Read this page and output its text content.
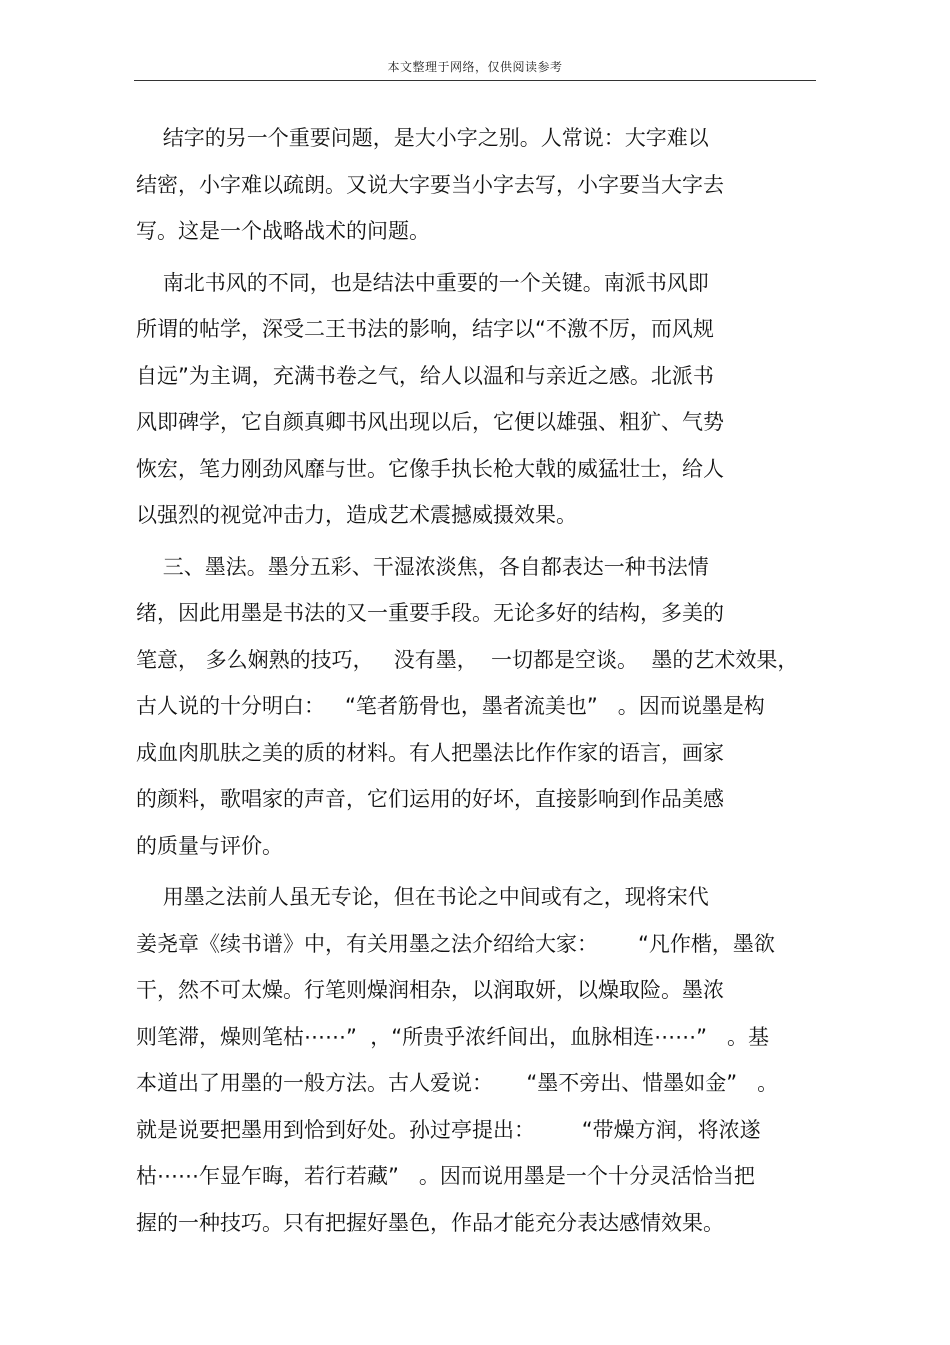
本文整理于网络，仅供阅读参考
结字的另一个重要问题，是大小字之别。人常说：大字难以
结密，小字难以疏朗。又说大字要当小字去写，小字要当大字去
写。这是一个战略战术的问题。
南北书风的不同，也是结法中重要的一个关键。南派书风即
所谓的帖学，深受二王书法的影响，结字以“不激不厉，而风规
自远”为主调，充满书卷之气，给人以温和与亲近之感。北派书
风即碑学，它自颜真卿书风出现以后，它便以雄强、粗犷、气势
恢宏，笔力刚劲风靡与世。它像手执长枪大戟的威猛壮士，给人
以强烈的视觉冲击力，造成艺术震撼威摄效果。
三、墨法。墨分五彩、干湿浓淡焦，各自都表达一种书法情
绪，因此用墨是书法的又一重要手段。无论多好的结构，多美的
笔意， 多么娴熟的技巧，   没有墨，  一切都是空谈。  墨的艺术效果，
古人说的十分明白：   “笔者筋骨也，墨者流美也”   。因而说墨是构
成血肉肌肤之美的质的材料。有人把墨法比作作家的语言，画家
的颜料，歌唱家的声音，它们运用的好坏，直接影响到作品美感
的质量与评价。
用墨之法前人虽无专论，但在书论之中间或有之，现将宋代
姜尧章《续书谱》中，有关用墨之法介绍给大家：      “凡作楷，墨欲
干，然不可太燥。行笔则燥润相杂，以润取妍，以燥取险。墨浓
则笔滞，燥则笔枯⋯⋯”  ，“所贵乎浓纤间出，血脉相连⋯⋯”   。基
本道出了用墨的一般方法。古人爱说：     “墨不旁出、惜墨如金”   。
就是说要把墨用到恰到好处。孙过亭提出：       “带燥方润，将浓遂
枯⋯⋯乍显乍晦，若行若藏”   。因而说用墨是一个十分灵活恰当把
握的一种技巧。只有把握好墨色，作品才能充分表达感情效果。
